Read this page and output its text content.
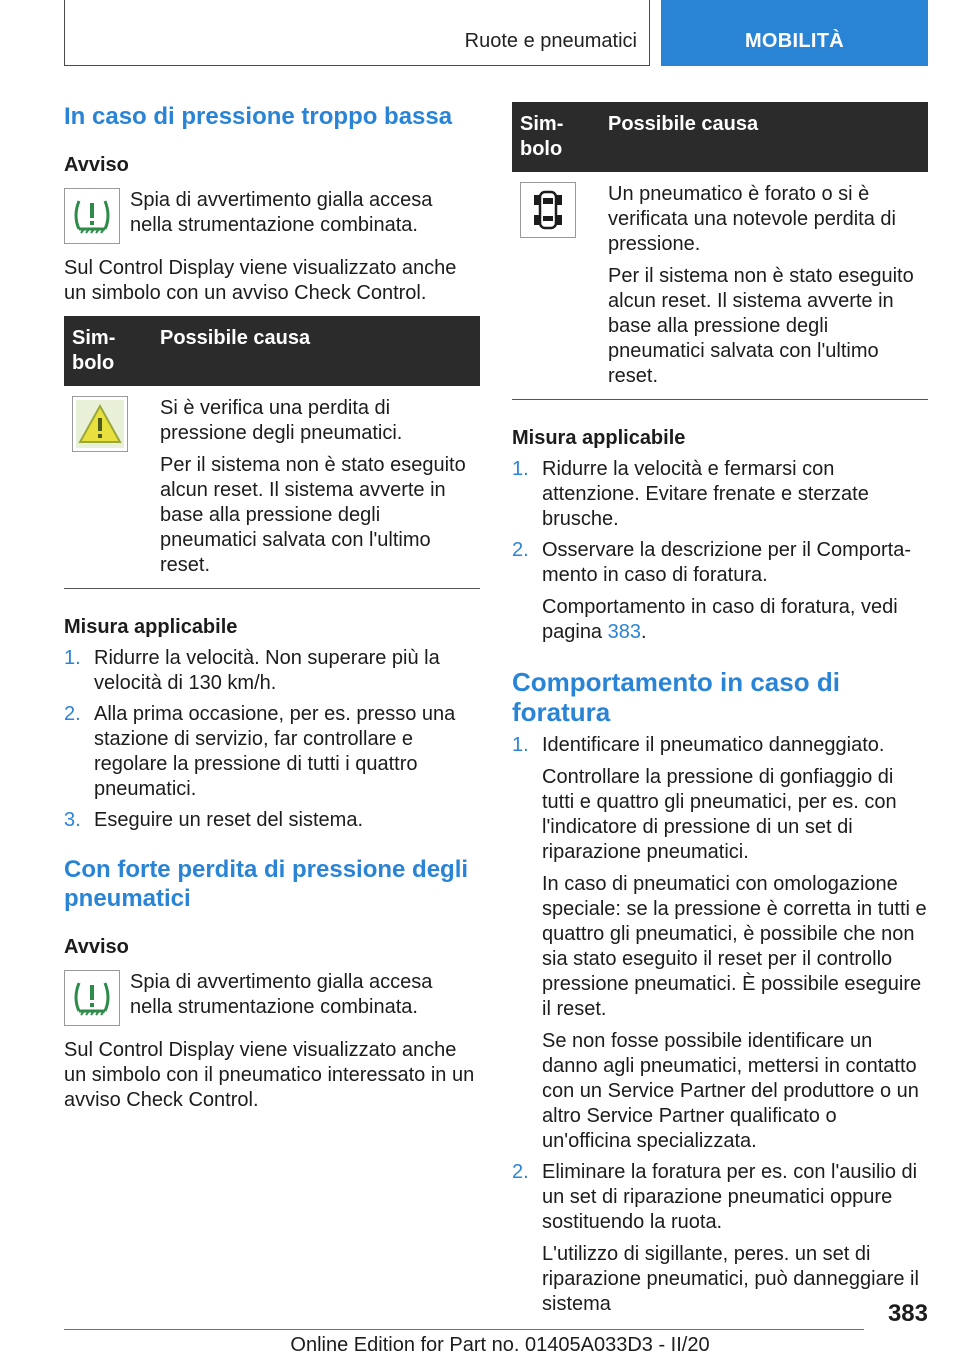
Ruote e pneumatici	MOBILITÀ
In caso di pressione troppo bassa
Avviso

Spia di avvertimento gialla accesa nella strumentazione combinata.

Sul Control Display viene visualizzato anche un simbolo con un avviso Check Control.

Simbolo	Possibile causa

Si è verifica una perdita di pressione degli pneumatici.

Per il sistema non è stato eseguito alcun reset. Il sistema avverte in base alla pressione degli pneumatici salvata con l'ultimo reset.

Misura applicabile
1. Ridurre la velocità. Non superare più la velocità di 130 km/h.

2. Alla prima occasione, per es. presso una stazione di servizio, far controllare e regolare la pressione di tutti i quattro pneumatici.

3. Eseguire un reset del sistema.

Con forte perdita di pressione degli pneumatici
Avviso

Spia di avvertimento gialla accesa nella strumentazione combinata.

Sul Control Display viene visualizzato anche un simbolo con il pneumatico interessato in un avviso Check Control.

Simbolo	Possibile causa

Un pneumatico è forato o si è verificata una notevole perdita di pressione.

Per il sistema non è stato eseguito alcun reset. Il sistema avverte in base alla pressione degli pneumatici salvata con l'ultimo reset.

Misura applicabile
1. Ridurre la velocità e fermarsi con attenzione. Evitare frenate e sterzate brusche.

2. Osservare la descrizione per il Comportamento in caso di foratura.

Comportamento in caso di foratura, vedi pagina 383.

Comportamento in caso di foratura
1. Identificare il pneumatico danneggiato.

Controllare la pressione di gonfiaggio di tutti e quattro gli pneumatici, per es. con l'indicatore di pressione di un set di riparazione pneumatici.

In caso di pneumatici con omologazione speciale: se la pressione è corretta in tutti e quattro gli pneumatici, è possibile che non sia stato eseguito il reset per il controllo pressione pneumatici. È possibile eseguire il reset.

Se non fosse possibile identificare un danno agli pneumatici, mettersi in contatto con un Service Partner del produttore o un altro Service Partner qualificato o un'officina specializzata.

2. Eliminare la foratura per es. con l'ausilio di un set di riparazione pneumatici oppure sostituendo la ruota.

L'utilizzo di sigillante, peres. un set di riparazione pneumatici, può danneggiare il sistema	383
Online Edition for Part no. 01405A033D3 - II/20
